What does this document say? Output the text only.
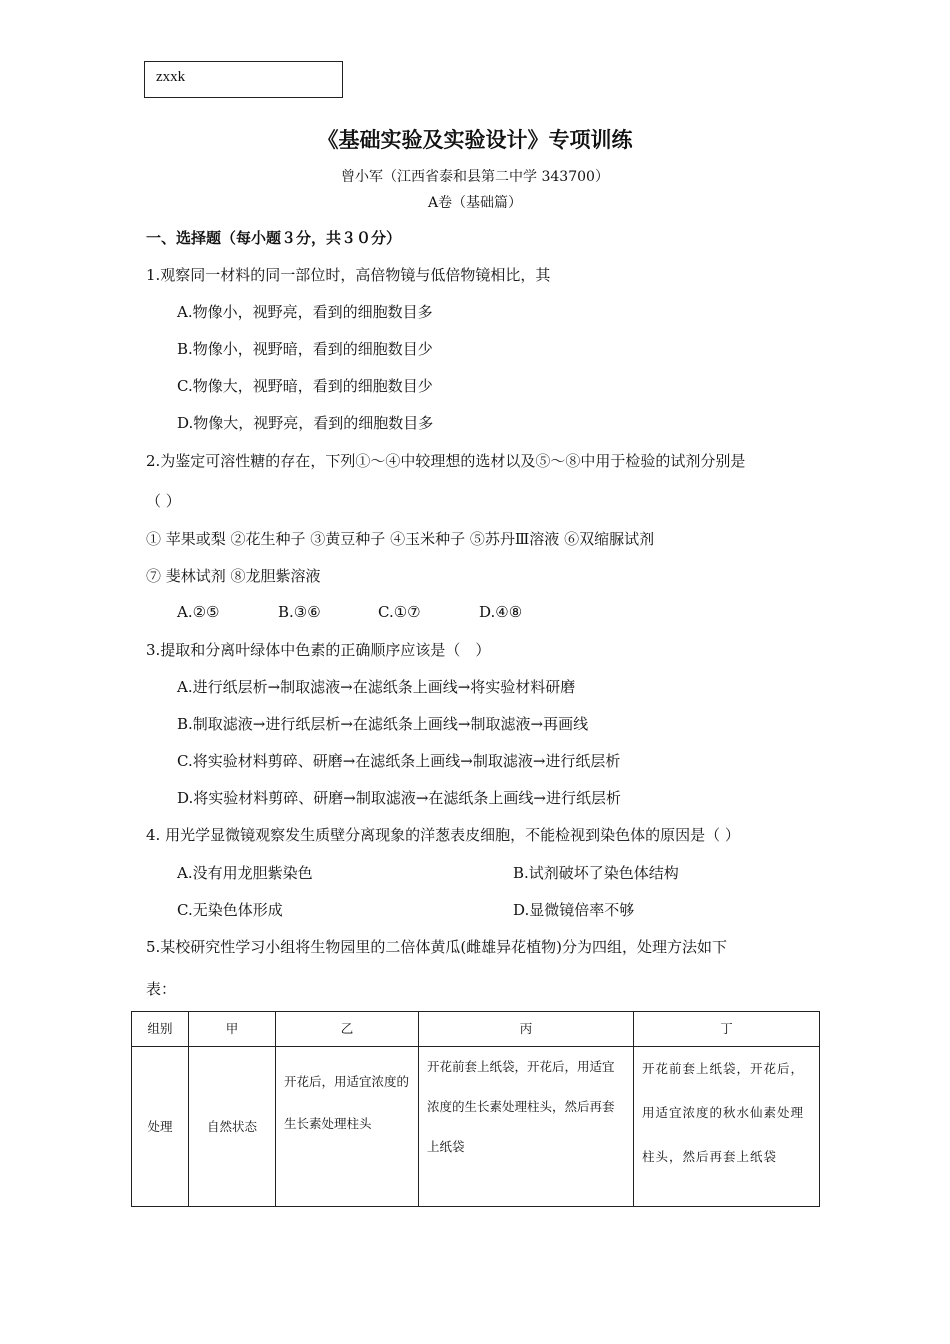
zxxk
《基础实验及实验设计》专项训练
曾小军（江西省泰和县第二中学 343700）
A卷（基础篇）
一、选择题（每小题３分，共３０分）
1.观察同一材料的同一部位时，高倍物镜与低倍物镜相比，其
A.物像小，视野亮，看到的细胞数目多
B.物像小，视野暗，看到的细胞数目少
C.物像大，视野暗，看到的细胞数目少
D.物像大，视野亮，看到的细胞数目多
2.为鉴定可溶性糖的存在，下列①～④中较理想的选材以及⑤～⑧中用于检验的试剂分别是
（ ）
① 苹果或梨 ②花生种子 ③黄豆种子 ④玉米种子 ⑤苏丹Ⅲ溶液 ⑥双缩脲试剂
⑦ 斐林试剂 ⑧龙胆紫溶液
A.②⑤	B.③⑥	C.①⑦	D.④⑧
3.提取和分离叶绿体中色素的正确顺序应该是（　）
A.进行纸层析→制取滤液→在滤纸条上画线→将实验材料研磨
B.制取滤液→进行纸层析→在滤纸条上画线→制取滤液→再画线
C.将实验材料剪碎、研磨→在滤纸条上画线→制取滤液→进行纸层析
D.将实验材料剪碎、研磨→制取滤液→在滤纸条上画线→进行纸层析
4. 用光学显微镜观察发生质壁分离现象的洋葱表皮细胞，不能检视到染色体的原因是（ ）
A.没有用龙胆紫染色	B.试剂破坏了染色体结构
C.无染色体形成	D.显微镜倍率不够
5.某校研究性学习小组将生物园里的二倍体黄瓜(雌雄异花植物)分为四组，处理方法如下
表：
组别	甲	乙	丙	丁
处理	自然状态	开花后，用适宜浓度的生长素处理柱头	开花前套上纸袋，开花后，用适宜浓度的生长素处理柱头，然后再套上纸袋	开花前套上纸袋，开花后，用适宜浓度的秋水仙素处理柱头，然后再套上纸袋
